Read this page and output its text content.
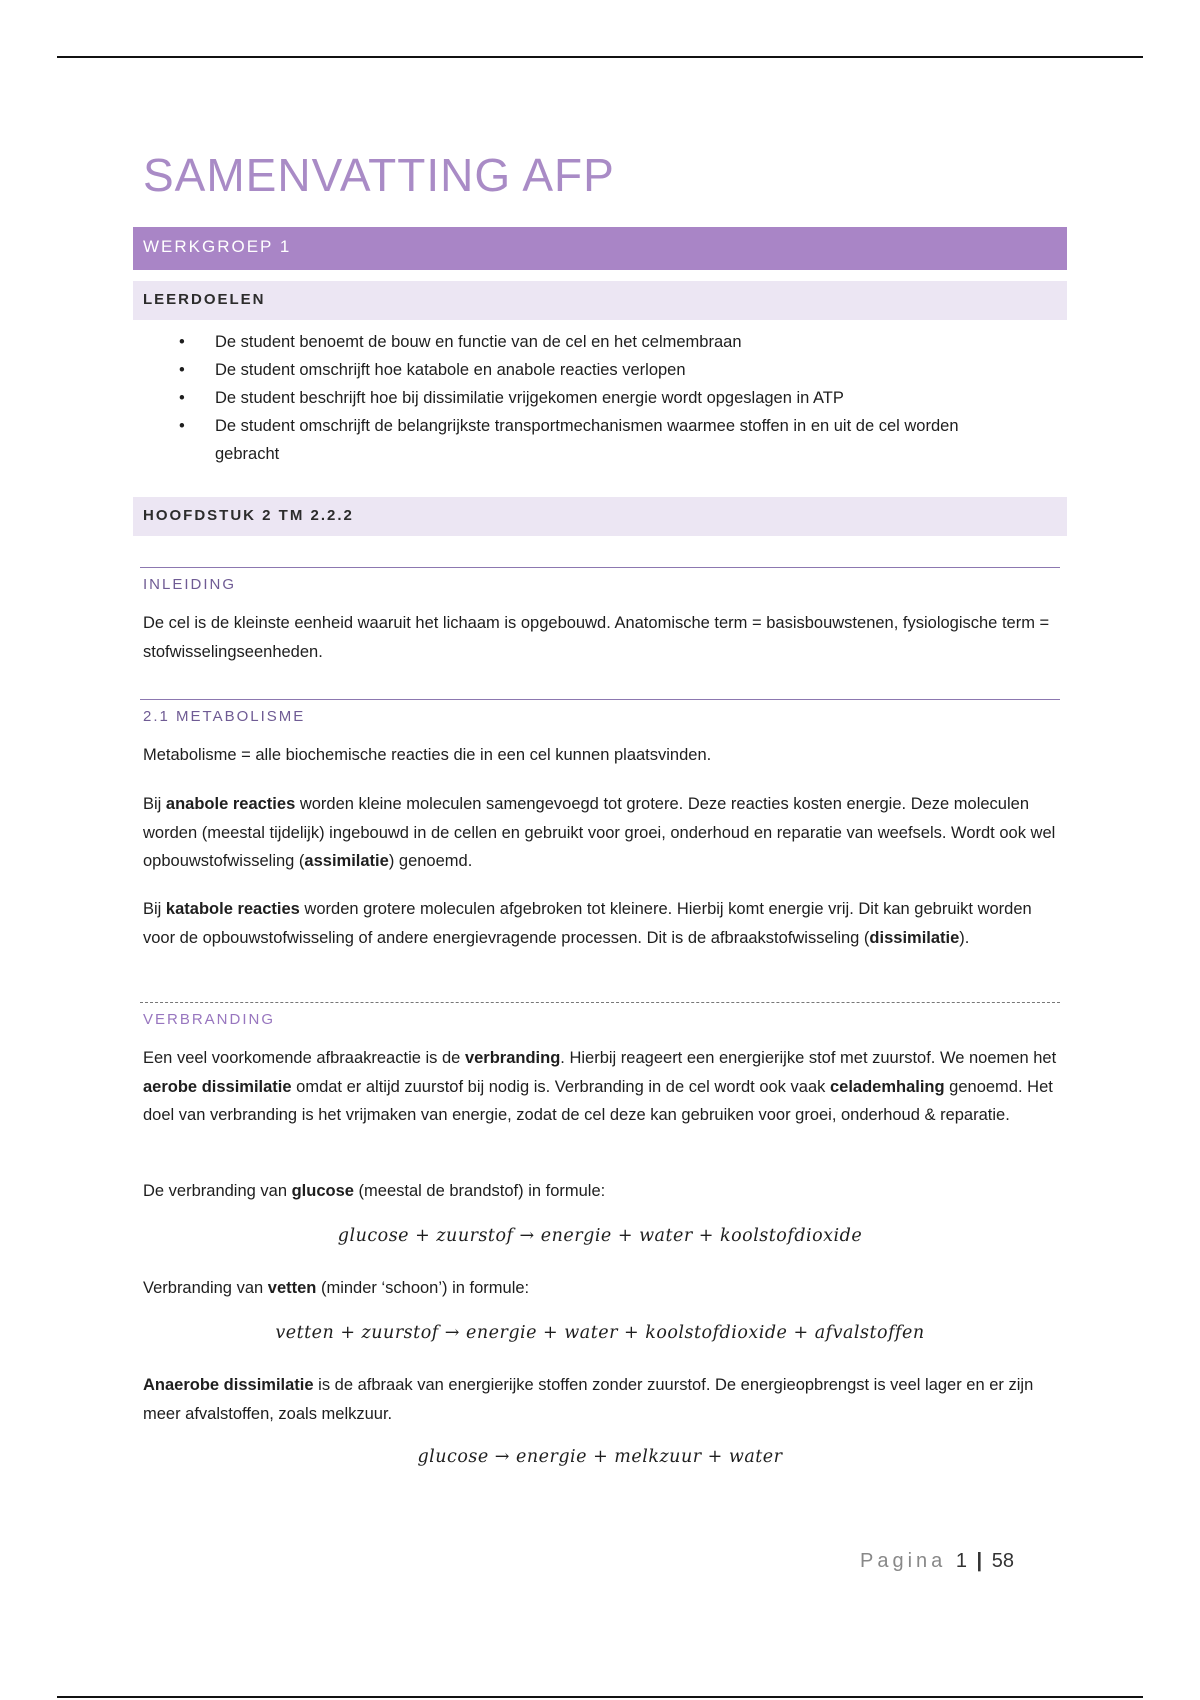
SAMENVATTING AFP
WERKGROEP 1
LEERDOELEN
• De student benoemt de bouw en functie van de cel en het celmembraan
• De student omschrijft hoe katabole en anabole reacties verlopen
• De student beschrijft hoe bij dissimilatie vrijgekomen energie wordt opgeslagen in ATP
• De student omschrijft de belangrijkste transportmechanismen waarmee stoffen in en uit de cel worden gebracht
HOOFDSTUK 2 TM 2.2.2
INLEIDING

De cel is de kleinste eenheid waaruit het lichaam is opgebouwd. Anatomische term = basisbouwstenen, fysiologische term = stofwisselingseenheden.

2.1 METABOLISME

Metabolisme = alle biochemische reacties die in een cel kunnen plaatsvinden.

Bij anabole reacties worden kleine moleculen samengevoegd tot grotere. Deze reacties kosten energie. Deze moleculen worden (meestal tijdelijk) ingebouwd in de cellen en gebruikt voor groei, onderhoud en reparatie van weefsels. Wordt ook wel opbouwstofwisseling (assimilatie) genoemd.

Bij katabole reacties worden grotere moleculen afgebroken tot kleinere. Hierbij komt energie vrij. Dit kan gebruikt worden voor de opbouwstofwisseling of andere energievragende processen. Dit is de afbraakstofwisseling (dissimilatie).

VERBRANDING

Een veel voorkomende afbraakreactie is de verbranding. Hierbij reageert een energierijke stof met zuurstof. We noemen het aerobe dissimilatie omdat er altijd zuurstof bij nodig is. Verbranding in de cel wordt ook vaak celademhaling genoemd. Het doel van verbranding is het vrijmaken van energie, zodat de cel deze kan gebruiken voor groei, onderhoud & reparatie.

De verbranding van glucose (meestal de brandstof) in formule:

glucose + zuurstof → energie + water + koolstofdioxide

Verbranding van vetten (minder ‘schoon’) in formule:

vetten + zuurstof → energie + water + koolstofdioxide + afvalstoffen

Anaerobe dissimilatie is de afbraak van energierijke stoffen zonder zuurstof. De energieopbrengst is veel lager en er zijn meer afvalstoffen, zoals melkzuur.

glucose → energie + melkzuur + water
Pagina 1 | 58
